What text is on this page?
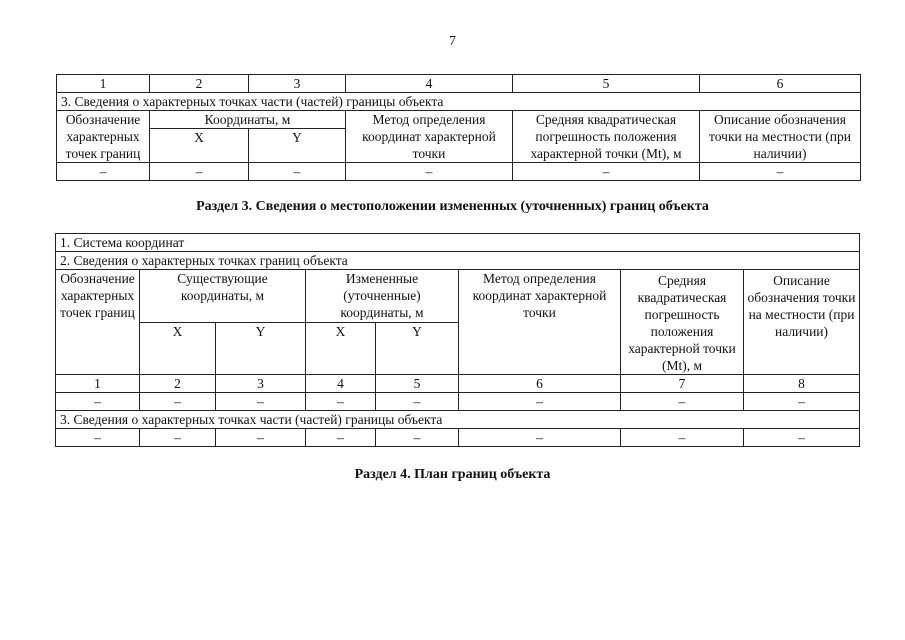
7
1	2	3	4	5	6
3. Сведения о характерных точках части (частей) границы объекта					
Обозначение характерных точек границ	Координаты, м		Метод определения координат характерной точки	Средняя квадратическая погрешность положения характерной точки (Mt), м	Описание обозначения точки на местности (при наличии)
	X	Y			
–	–	–	–	–	–
Раздел 3. Сведения о местоположении измененных (уточненных) границ объекта
1. Система координат							
2. Сведения о характерных точках границ объекта							
Обозначение характерных точек границ	Существующие координаты, м		Измененные (уточненные) координаты, м		Метод определения координат характерной точки	Средняя квадратическая погрешность положения характерной точки (Mt), м	Описание обозначения точки на местности (при наличии)
	X	Y	X	Y			
1	2	3	4	5	6	7	8
–	–	–	–	–	–	–	–
3. Сведения о характерных точках части (частей) границы объекта							
–	–	–	–	–	–	–	–
Раздел 4. План границ объекта
